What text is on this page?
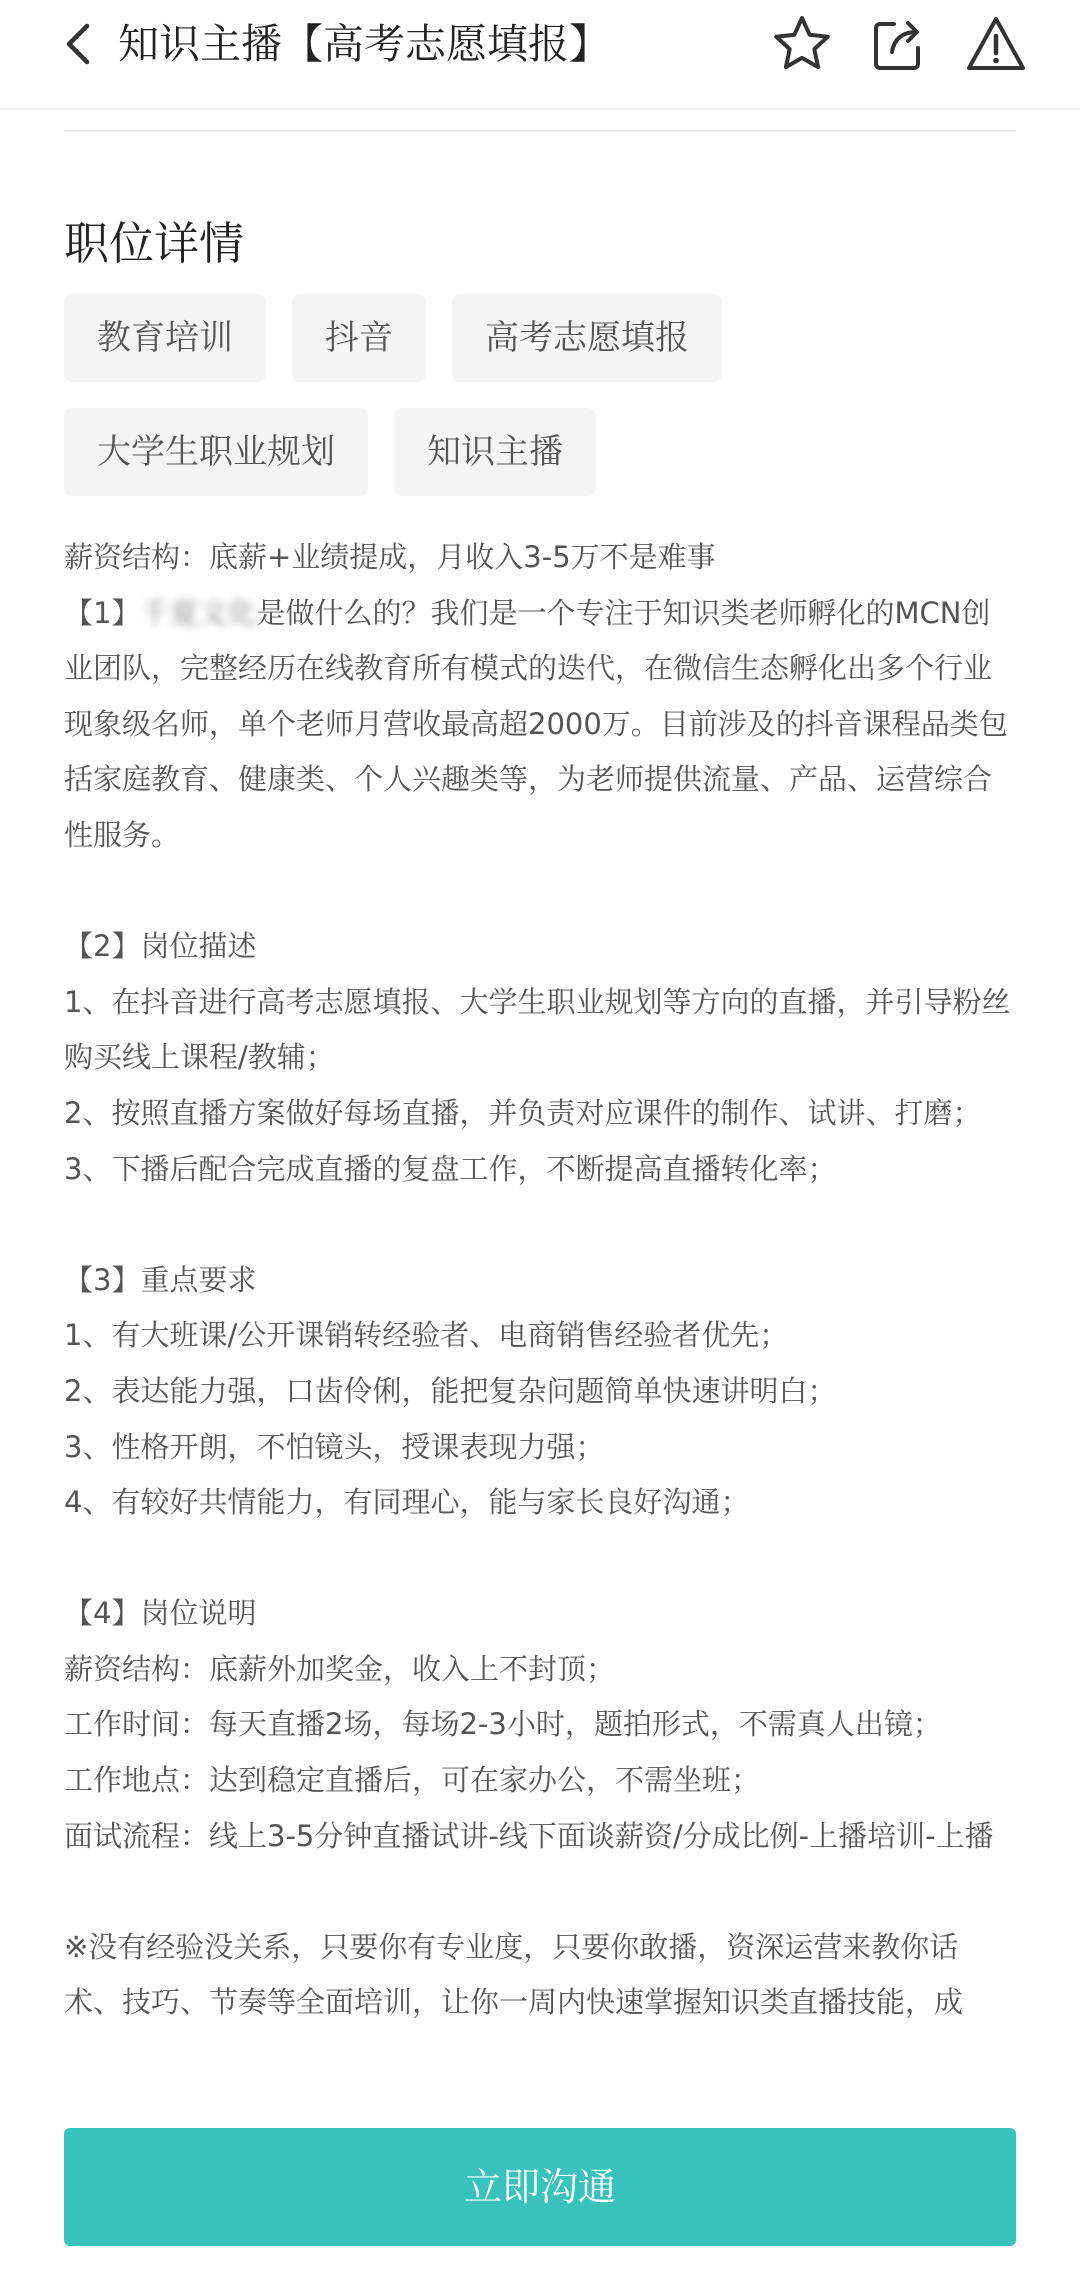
知识主播【高考志愿填报】
职位详情
教育培训	抖音	高考志愿填报
大学生职业规划	知识主播

薪资结构：底薪+业绩提成，月收入3-5万不是难事

【1】千夏文化是做什么的？我们是一个专注于知识类老师孵化的MCN创业团队，完整经历在线教育所有模式的迭代，在微信生态孵化出多个行业现象级名师，单个老师月营收最高超2000万。目前涉及的抖音课程品类包括家庭教育、健康类、个人兴趣类等，为老师提供流量、产品、运营综合性服务。

【2】岗位描述

1、在抖音进行高考志愿填报、大学生职业规划等方向的直播，并引导粉丝购买线上课程/教辅；

2、按照直播方案做好每场直播，并负责对应课件的制作、试讲、打磨；

3、下播后配合完成直播的复盘工作，不断提高直播转化率；

【3】重点要求

1、有大班课/公开课销转经验者、电商销售经验者优先；

2、表达能力强，口齿伶俐，能把复杂问题简单快速讲明白；

3、性格开朗，不怕镜头，授课表现力强；

4、有较好共情能力，有同理心，能与家长良好沟通；

【4】岗位说明

薪资结构：底薪外加奖金，收入上不封顶；

工作时间：每天直播2场，每场2-3小时，题拍形式，不需真人出镜；

工作地点：达到稳定直播后，可在家办公，不需坐班；

面试流程：线上3-5分钟直播试讲-线下面谈薪资/分成比例-上播培训-上播

※没有经验没关系，只要你有专业度，只要你敢播，资深运营来教你话术、技巧、节奏等全面培训，让你一周内快速掌握知识类直播技能，成

立即沟通
